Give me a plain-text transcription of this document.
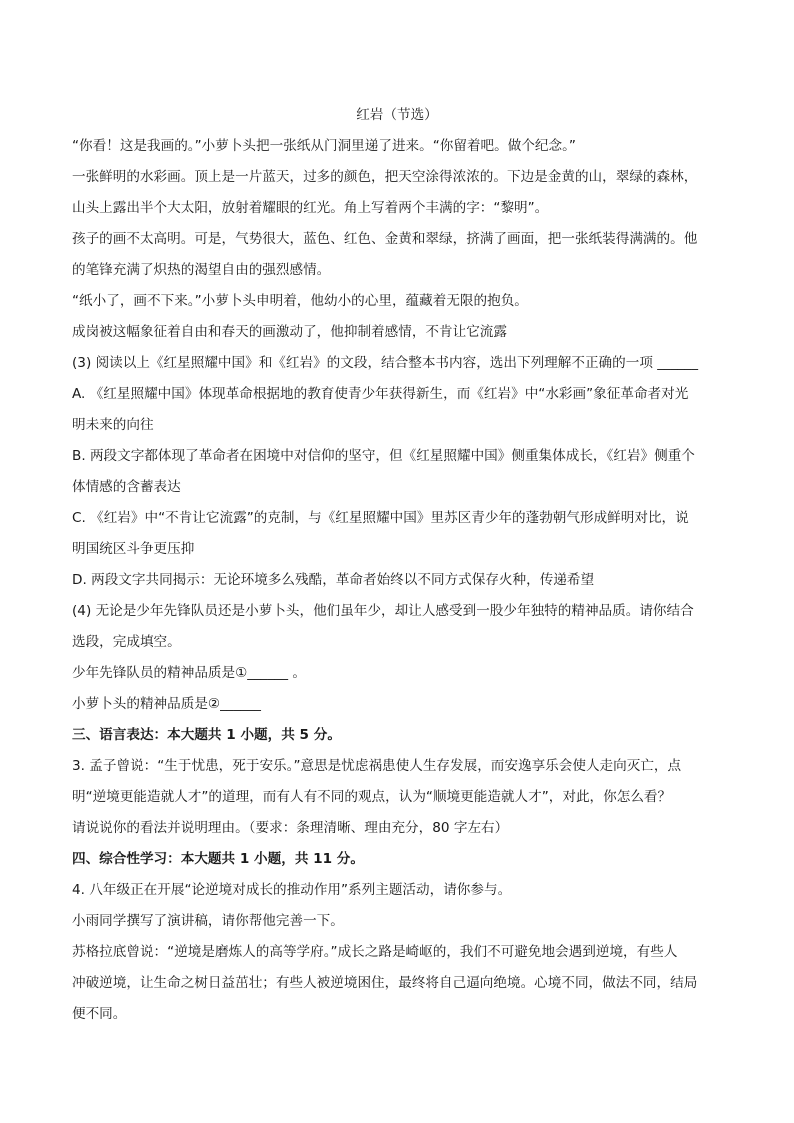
红岩（节选）
“你看！这是我画的。”小萝卜头把一张纸从门洞里递了进来。“你留着吧。做个纪念。”
一张鲜明的水彩画。顶上是一片蓝天，过多的颜色，把天空涂得浓浓的。下边是金黄的山，翠绿的森林，
山头上露出半个大太阳，放射着耀眼的红光。角上写着两个丰满的字：“黎明”。
孩子的画不太高明。可是，气势很大，蓝色、红色、金黄和翠绿，挤满了画面，把一张纸装得满满的。他
的笔锋充满了炽热的渴望自由的强烈感情。
“纸小了，画不下来。”小萝卜头申明着，他幼小的心里，蕴藏着无限的抱负。
成岗被这幅象征着自由和春天的画激动了，他抑制着感情，不肯让它流露
(3) 阅读以上《红星照耀中国》和《红岩》的文段，结合整本书内容，选出下列理解不正确的一项 ______
A. 《红星照耀中国》体现革命根据地的教育使青少年获得新生，而《红岩》中“水彩画”象征革命者对光
明未来的向往
B. 两段文字都体现了革命者在困境中对信仰的坚守，但《红星照耀中国》侧重集体成长，《红岩》侧重个
体情感的含蓄表达
C. 《红岩》中“不肯让它流露”的克制，与《红星照耀中国》里苏区青少年的蓬勃朝气形成鲜明对比，说
明国统区斗争更压抑
D. 两段文字共同揭示：无论环境多么残酷，革命者始终以不同方式保存火种，传递希望
(4) 无论是少年先锋队员还是小萝卜头，他们虽年少，却让人感受到一股少年独特的精神品质。请你结合
选段，完成填空。
少年先锋队员的精神品质是①______ 。
小萝卜头的精神品质是②______
三、语言表达：本大题共 1 小题，共 5 分。
3. 孟子曾说：“生于忧患，死于安乐。”意思是忧虑祸患使人生存发展，而安逸享乐会使人走向灭亡，点
明“逆境更能造就人才”的道理，而有人有不同的观点，认为“顺境更能造就人才”，对此，你怎么看？
请说说你的看法并说明理由。（要求：条理清晰、理由充分，80 字左右）
四、综合性学习：本大题共 1 小题，共 11 分。
4. 八年级正在开展“论逆境对成长的推动作用”系列主题活动，请你参与。
小雨同学撰写了演讲稿，请你帮他完善一下。
苏格拉底曾说：“逆境是磨炼人的高等学府。”成长之路是崎岖的，我们不可避免地会遇到逆境，有些人
冲破逆境，让生命之树日益茁壮；有些人被逆境困住，最终将自己逼向绝境。心境不同，做法不同，结局
便不同。
